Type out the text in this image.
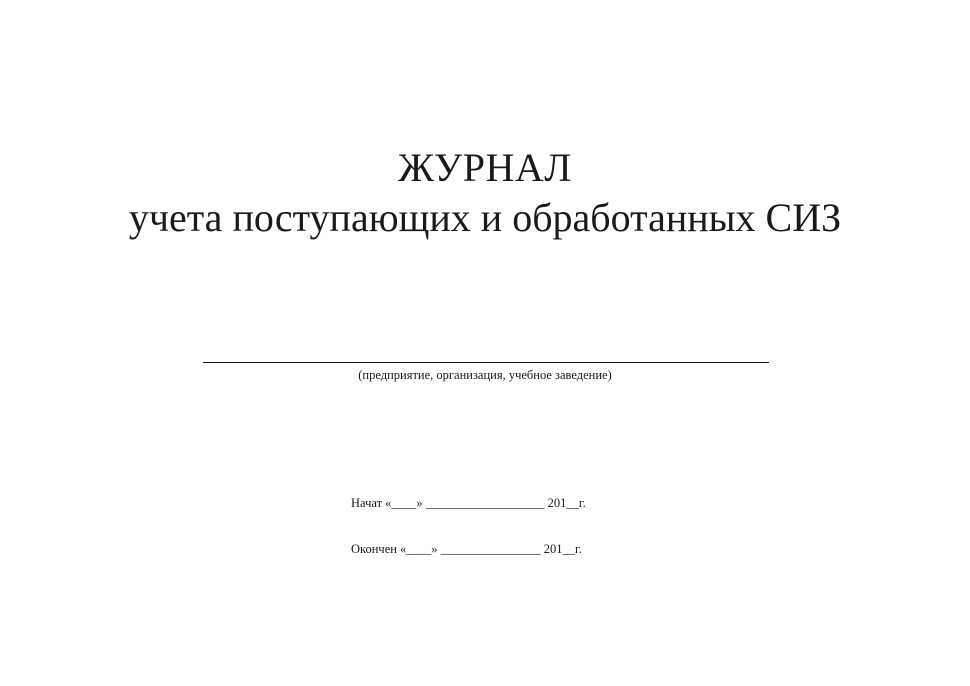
ЖУРНАЛ
учета поступающих и обработанных СИЗ
(предприятие, организация, учебное заведение)
Начат «____» ___________________ 201__г.
Окончен «____» ________________ 201__г.
